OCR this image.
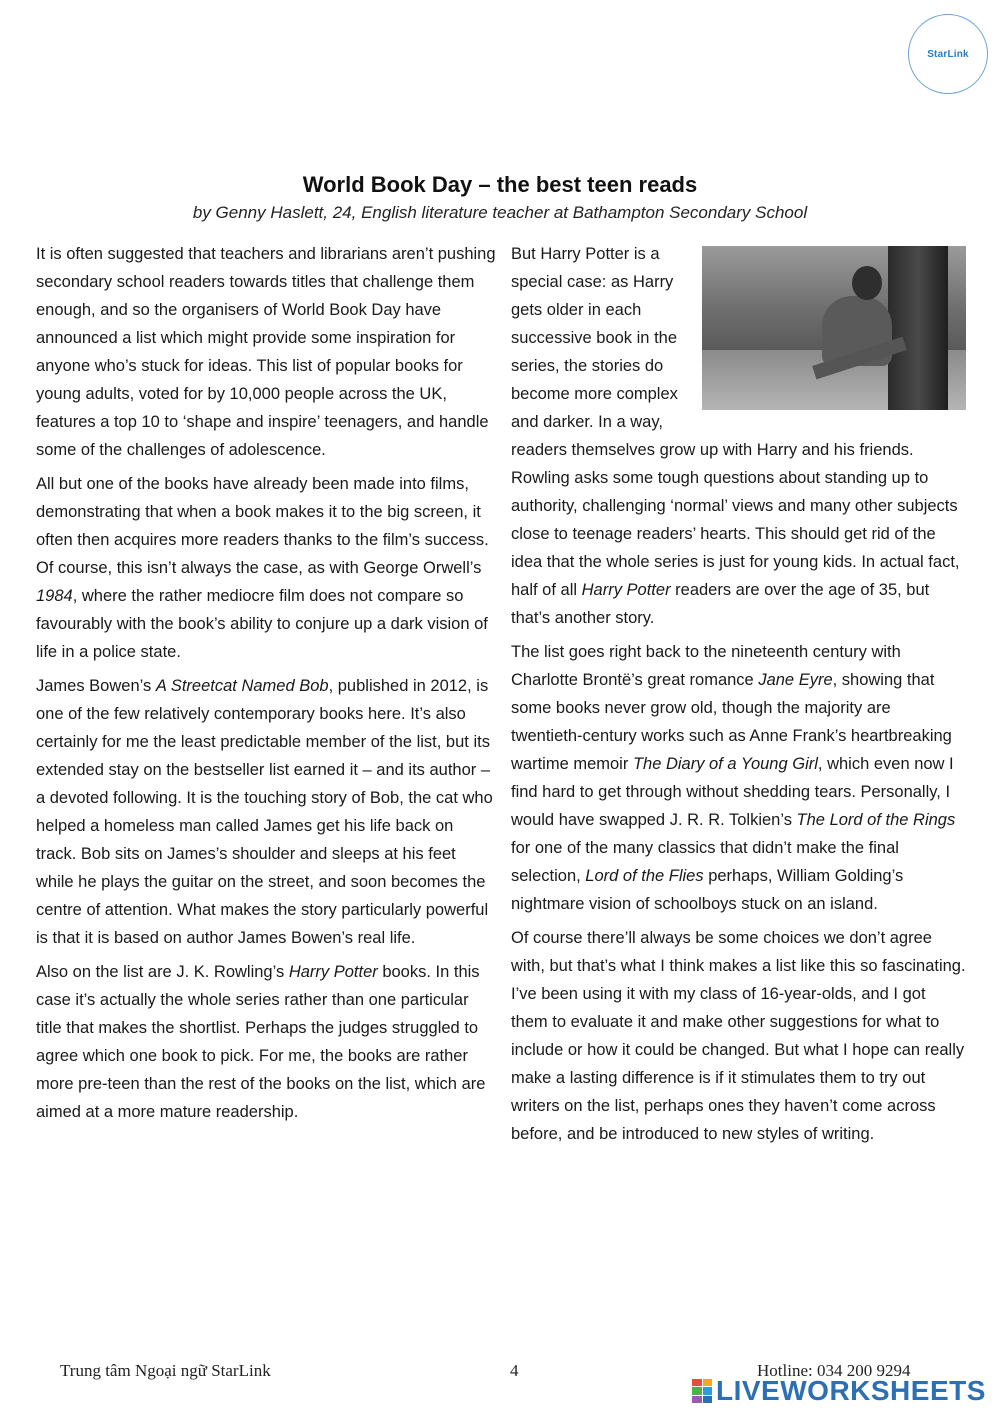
StarLink
World Book Day – the best teen reads
by Genny Haslett, 24, English literature teacher at Bathampton Secondary School

It is often suggested that teachers and librarians aren’t pushing secondary school readers towards titles that challenge them enough, and so the organisers of World Book Day have announced a list which might provide some inspiration for anyone who’s stuck for ideas. This list of popular books for young adults, voted for by 10,000 people across the UK, features a top 10 to ‘shape and inspire’ teenagers, and handle some of the challenges of adolescence.

All but one of the books have already been made into films, demonstrating that when a book makes it to the big screen, it often then acquires more readers thanks to the film’s success. Of course, this isn’t always the case, as with George Orwell’s 1984, where the rather mediocre film does not compare so favourably with the book’s ability to conjure up a dark vision of life in a police state.

James Bowen’s A Streetcat Named Bob, published in 2012, is one of the few relatively contemporary books here. It’s also certainly for me the least predictable member of the list, but its extended stay on the bestseller list earned it – and its author – a devoted following. It is the touching story of Bob, the cat who helped a homeless man called James get his life back on track. Bob sits on James’s shoulder and sleeps at his feet while he plays the guitar on the street, and soon becomes the centre of attention. What makes the story particularly powerful is that it is based on author James Bowen’s real life.

Also on the list are J. K. Rowling’s Harry Potter books. In this case it’s actually the whole series rather than one particular title that makes the shortlist. Perhaps the judges struggled to agree which one book to pick. For me, the books are rather more pre-teen than the rest of the books on the list, which are aimed at a more mature readership.

But Harry Potter is a special case: as Harry gets older in each successive book in the series, the stories do become more complex and darker. In a way, readers themselves grow up with Harry and his friends. Rowling asks some tough questions about standing up to authority, challenging ‘normal’ views and many other subjects close to teenage readers’ hearts. This should get rid of the idea that the whole series is just for young kids. In actual fact, half of all Harry Potter readers are over the age of 35, but that’s another story.

The list goes right back to the nineteenth century with Charlotte Brontë’s great romance Jane Eyre, showing that some books never grow old, though the majority are twentieth-century works such as Anne Frank’s heartbreaking wartime memoir The Diary of a Young Girl, which even now I find hard to get through without shedding tears. Personally, I would have swapped J. R. R. Tolkien’s The Lord of the Rings for one of the many classics that didn’t make the final selection, Lord of the Flies perhaps, William Golding’s nightmare vision of schoolboys stuck on an island.

Of course there’ll always be some choices we don’t agree with, but that’s what I think makes a list like this so fascinating. I’ve been using it with my class of 16-year-olds, and I got them to evaluate it and make other suggestions for what to include or how it could be changed. But what I hope can really make a lasting difference is if it stimulates them to try out writers on the list, perhaps ones they haven’t come across before, and be introduced to new styles of writing.

Trung tâm Ngoại ngữ StarLink	4	Hotline: 034 200 9294
LIVEWORKSHEETS
